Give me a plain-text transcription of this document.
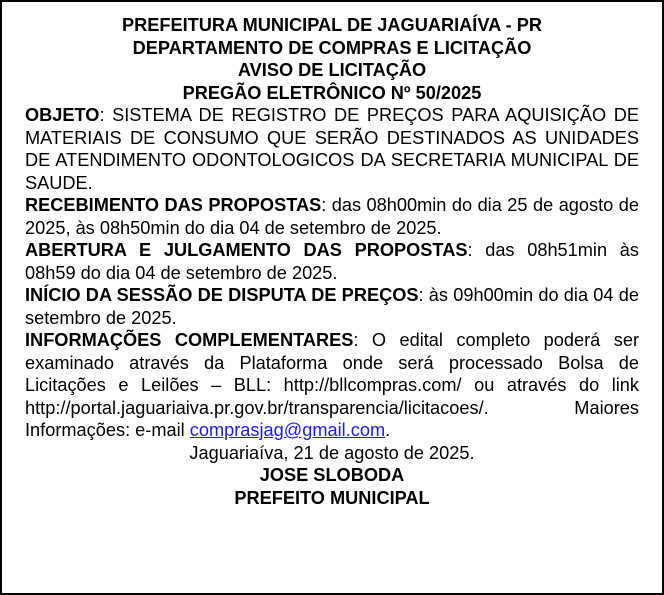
PREFEITURA MUNICIPAL DE JAGUARIAÍVA - PR
DEPARTAMENTO DE COMPRAS E LICITAÇÃO
AVISO DE LICITAÇÃO
PREGÃO ELETRÔNICO Nº 50/2025

OBJETO: SISTEMA DE REGISTRO DE PREÇOS PARA AQUISIÇÃO DE MATERIAIS DE CONSUMO QUE SERÃO DESTINADOS AS UNIDADES DE ATENDIMENTO ODONTOLOGICOS DA SECRETARIA MUNICIPAL DE SAUDE.

RECEBIMENTO DAS PROPOSTAS: das 08h00min do dia 25 de agosto de 2025, às 08h50min do dia 04 de setembro de 2025.

ABERTURA E JULGAMENTO DAS PROPOSTAS: das 08h51min às 08h59 do dia 04 de setembro de 2025.

INÍCIO DA SESSÃO DE DISPUTA DE PREÇOS: às 09h00min do dia 04 de setembro de 2025.

INFORMAÇÕES COMPLEMENTARES: O edital completo poderá ser examinado através da Plataforma onde será processado Bolsa de Licitações e Leilões – BLL: http://bllcompras.com/ ou através do link http://portal.jaguariaiva.pr.gov.br/transparencia/licitacoes/. Maiores Informações: e-mail comprasjag@gmail.com.

Jaguariaíva, 21 de agosto de 2025.
JOSE SLOBODA
PREFEITO MUNICIPAL
